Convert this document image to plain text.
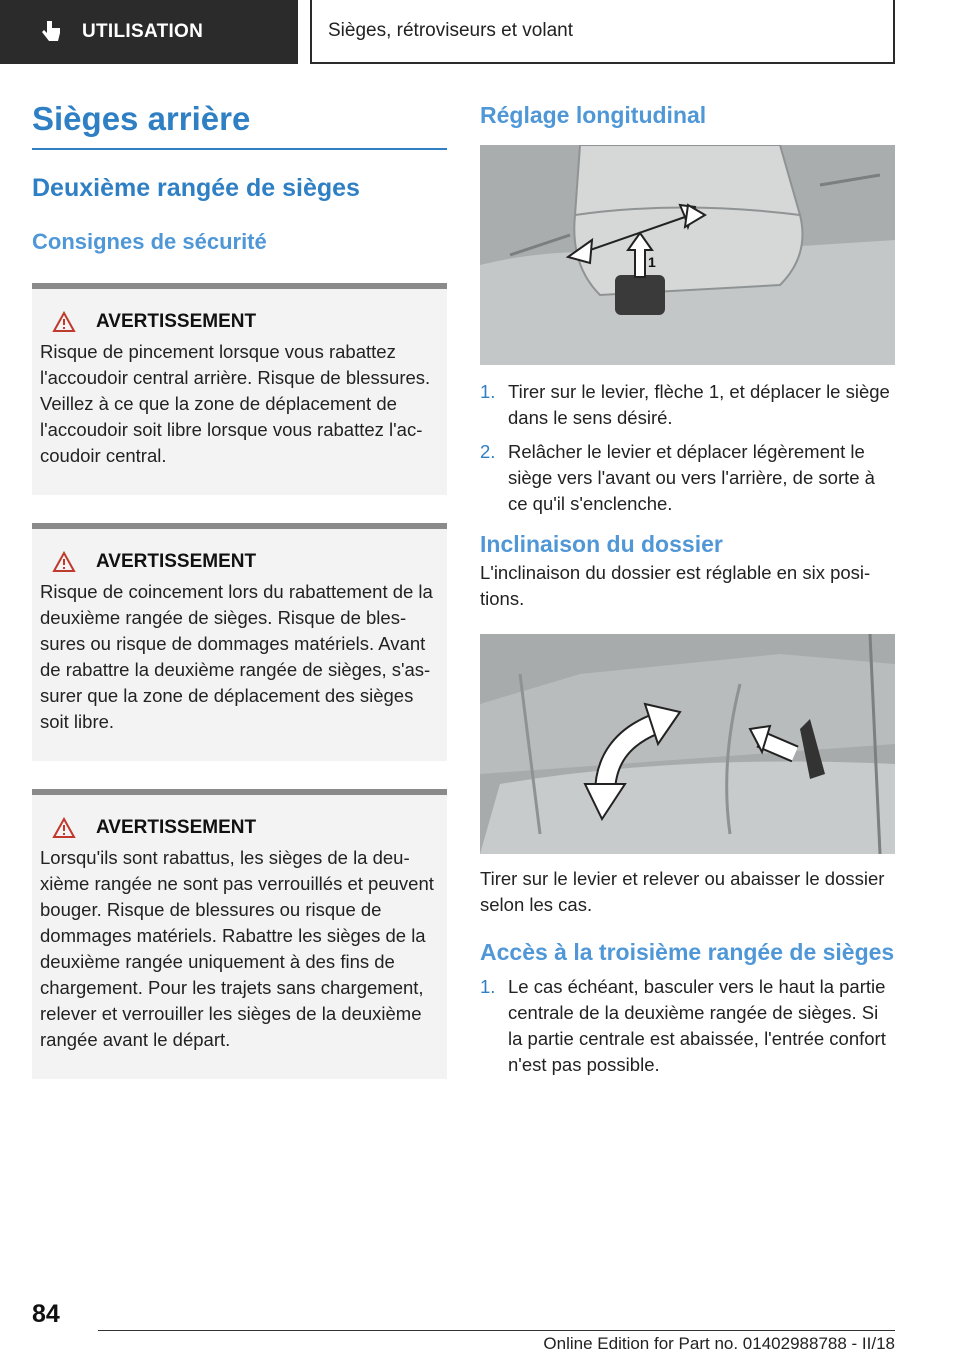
UTILISATION	Sièges, rétroviseurs et volant
Sièges arrière
Deuxième rangée de sièges
Consignes de sécurité
AVERTISSEMENT
Risque de pincement lorsque vous rabattez l'accoudoir central arrière. Risque de blessures. Veillez à ce que la zone de déplacement de l'accoudoir soit libre lorsque vous rabattez l'accoudoir central.
AVERTISSEMENT
Risque de coincement lors du rabattement de la deuxième rangée de sièges. Risque de blessures ou risque de dommages matériels. Avant de rabattre la deuxième rangée de sièges, s'assurer que la zone de déplacement des sièges soit libre.
AVERTISSEMENT
Lorsqu'ils sont rabattus, les sièges de la deuxième rangée ne sont pas verrouillés et peuvent bouger. Risque de blessures ou risque de dommages matériels. Rabattre les sièges de la deuxième rangée uniquement à des fins de chargement. Pour les trajets sans chargement, relever et verrouiller les sièges de la deuxième rangée avant le départ.
Réglage longitudinal
1
1. Tirer sur le levier, flèche 1, et déplacer le siège dans le sens désiré.
2. Relâcher le levier et déplacer légèrement le siège vers l'avant ou vers l'arrière, de sorte à ce qu'il s'enclenche.
Inclinaison du dossier

L'inclinaison du dossier est réglable en six positions.

Tirer sur le levier et relever ou abaisser le dossier selon les cas.

Accès à la troisième rangée de sièges
1. Le cas échéant, basculer vers le haut la partie centrale de la deuxième rangée de sièges. Si la partie centrale est abaissée, l'entrée confort n'est pas possible.
84
Online Edition for Part no. 01402988788 - II/18
